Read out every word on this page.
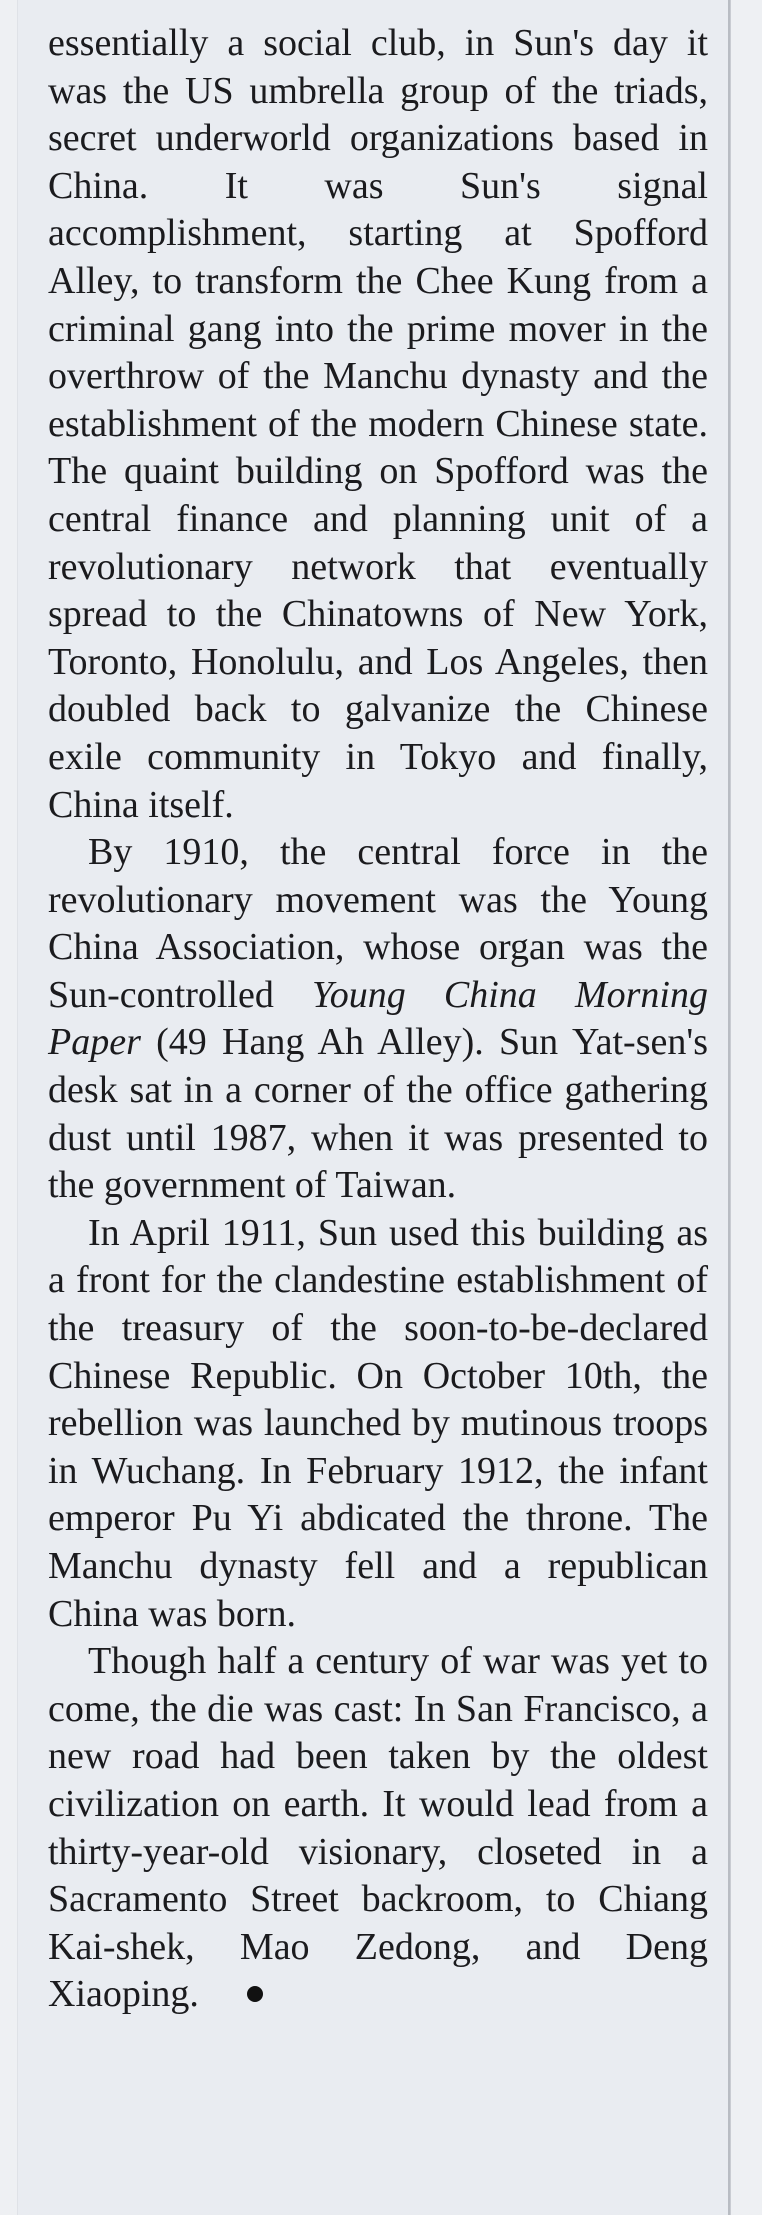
essentially a social club, in Sun's day it was the US umbrella group of the triads, secret underworld organizations based in China. It was Sun's signal accomplishment, starting at Spofford Alley, to transform the Chee Kung from a criminal gang into the prime mover in the overthrow of the Manchu dynasty and the establishment of the modern Chinese state. The quaint building on Spofford was the central finance and planning unit of a revolutionary network that eventually spread to the Chinatowns of New York, Toronto, Honolulu, and Los Angeles, then doubled back to galvanize the Chinese exile community in Tokyo and finally, China itself.

By 1910, the central force in the revolutionary movement was the Young China Association, whose organ was the Sun-controlled Young China Morning Paper (49 Hang Ah Alley). Sun Yat-sen's desk sat in a corner of the office gathering dust until 1987, when it was presented to the government of Taiwan.

In April 1911, Sun used this building as a front for the clandestine establishment of the treasury of the soon-to-be-declared Chinese Republic. On October 10th, the rebellion was launched by mutinous troops in Wuchang. In February 1912, the infant emperor Pu Yi abdicated the throne. The Manchu dynasty fell and a republican China was born.

Though half a century of war was yet to come, the die was cast: In San Francisco, a new road had been taken by the oldest civilization on earth. It would lead from a thirty-year-old visionary, closeted in a Sacramento Street backroom, to Chiang Kai-shek, Mao Zedong, and Deng Xiaoping.
